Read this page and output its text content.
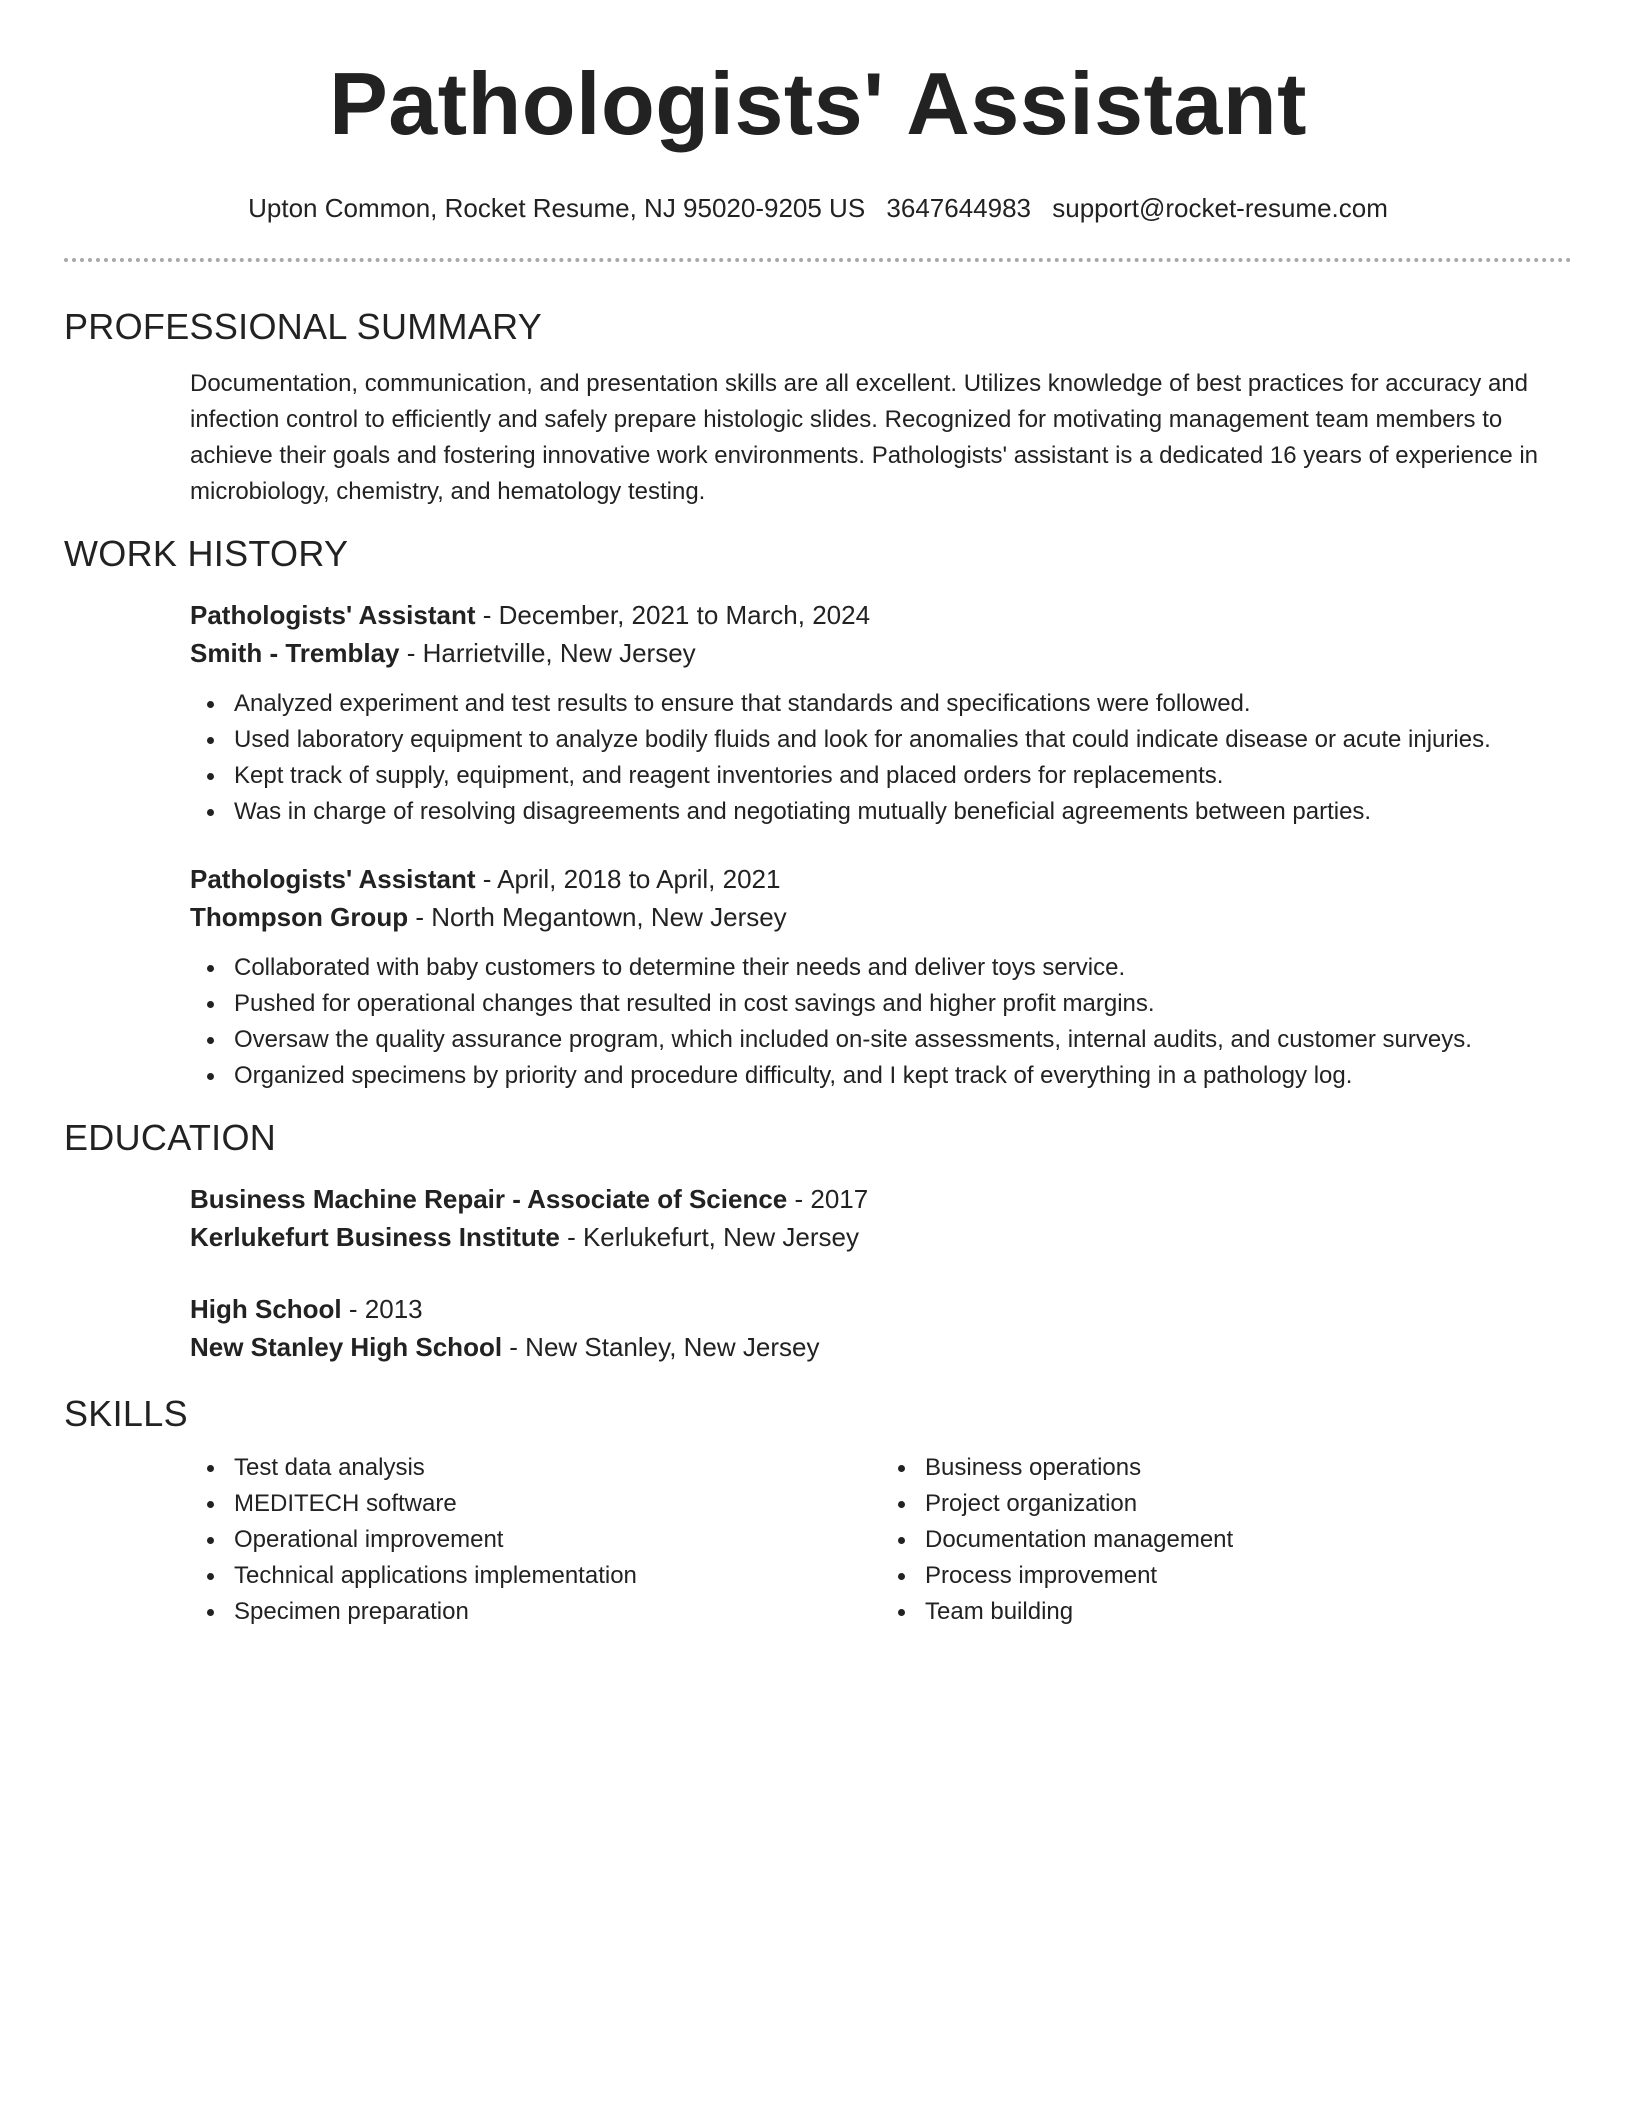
Pathologists' Assistant
Upton Common, Rocket Resume, NJ 95020-9205 US 3647644983 support@rocket-resume.com
PROFESSIONAL SUMMARY

Documentation, communication, and presentation skills are all excellent. Utilizes knowledge of best practices for accuracy and infection control to efficiently and safely prepare histologic slides. Recognized for motivating management team members to achieve their goals and fostering innovative work environments. Pathologists' assistant is a dedicated 16 years of experience in microbiology, chemistry, and hematology testing.

WORK HISTORY
Pathologists' Assistant - December, 2021 to March, 2024
Smith - Tremblay - Harrietville, New Jersey
Analyzed experiment and test results to ensure that standards and specifications were followed.
Used laboratory equipment to analyze bodily fluids and look for anomalies that could indicate disease or acute injuries.
Kept track of supply, equipment, and reagent inventories and placed orders for replacements.
Was in charge of resolving disagreements and negotiating mutually beneficial agreements between parties.
Pathologists' Assistant - April, 2018 to April, 2021
Thompson Group - North Megantown, New Jersey
Collaborated with baby customers to determine their needs and deliver toys service.
Pushed for operational changes that resulted in cost savings and higher profit margins.
Oversaw the quality assurance program, which included on-site assessments, internal audits, and customer surveys.
Organized specimens by priority and procedure difficulty, and I kept track of everything in a pathology log.
EDUCATION
Business Machine Repair - Associate of Science - 2017
Kerlukefurt Business Institute - Kerlukefurt, New Jersey
High School - 2013
New Stanley High School - New Stanley, New Jersey
SKILLS
Test data analysis
MEDITECH software
Operational improvement
Technical applications implementation
Specimen preparation
Business operations
Project organization
Documentation management
Process improvement
Team building
